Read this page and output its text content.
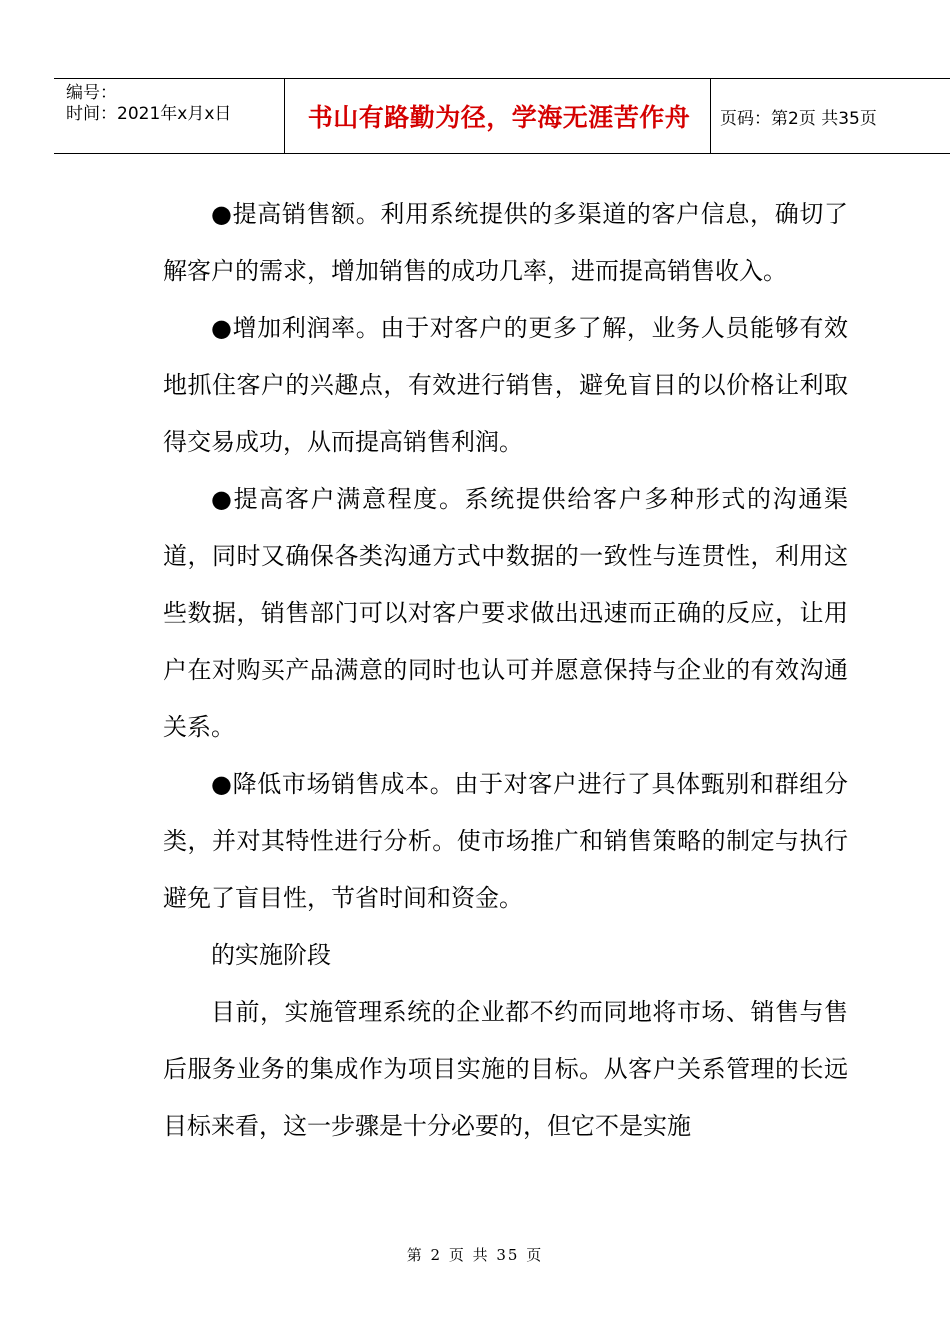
编号：
时间：2021年x月x日	书山有路勤为径，学海无涯苦作舟	页码：第2页 共35页

●提高销售额。利用系统提供的多渠道的客户信息，确切了解客户的需求，增加销售的成功几率，进而提高销售收入。

●增加利润率。由于对客户的更多了解，业务人员能够有效地抓住客户的兴趣点，有效进行销售，避免盲目的以价格让利取得交易成功，从而提高销售利润。

●提高客户满意程度。系统提供给客户多种形式的沟通渠道，同时又确保各类沟通方式中数据的一致性与连贯性，利用这些数据，销售部门可以对客户要求做出迅速而正确的反应，让用户在对购买产品满意的同时也认可并愿意保持与企业的有效沟通关系。

●降低市场销售成本。由于对客户进行了具体甄别和群组分类，并对其特性进行分析。使市场推广和销售策略的制定与执行避免了盲目性，节省时间和资金。

的实施阶段

目前，实施管理系统的企业都不约而同地将市场、销售与售后服务业务的集成作为项目实施的目标。从客户关系管理的长远目标来看，这一步骤是十分必要的，但它不是实施

第 2 页 共 35 页
